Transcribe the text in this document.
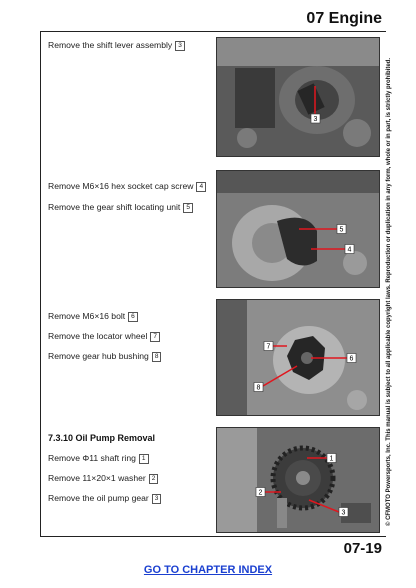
07 Engine
© CFMOTO Powersports, Inc. This manual is subject to all applicable copyright laws. Reproduction or duplication in any form, whole or in part, is strictly prohibited.
Remove the shift lever assembly 3
3
Remove M6×16 hex socket cap screw 4
Remove the gear shift locating unit 5
5
4
Remove M6×16 bolt 6
Remove the locator wheel 7
Remove gear hub bushing 8
7
6
8
7.3.10 Oil Pump Removal
Remove Φ11 shaft ring 1
Remove 11×20×1 washer 2
Remove the oil pump gear 3
1
2
3
07-19
GO TO CHAPTER INDEX
